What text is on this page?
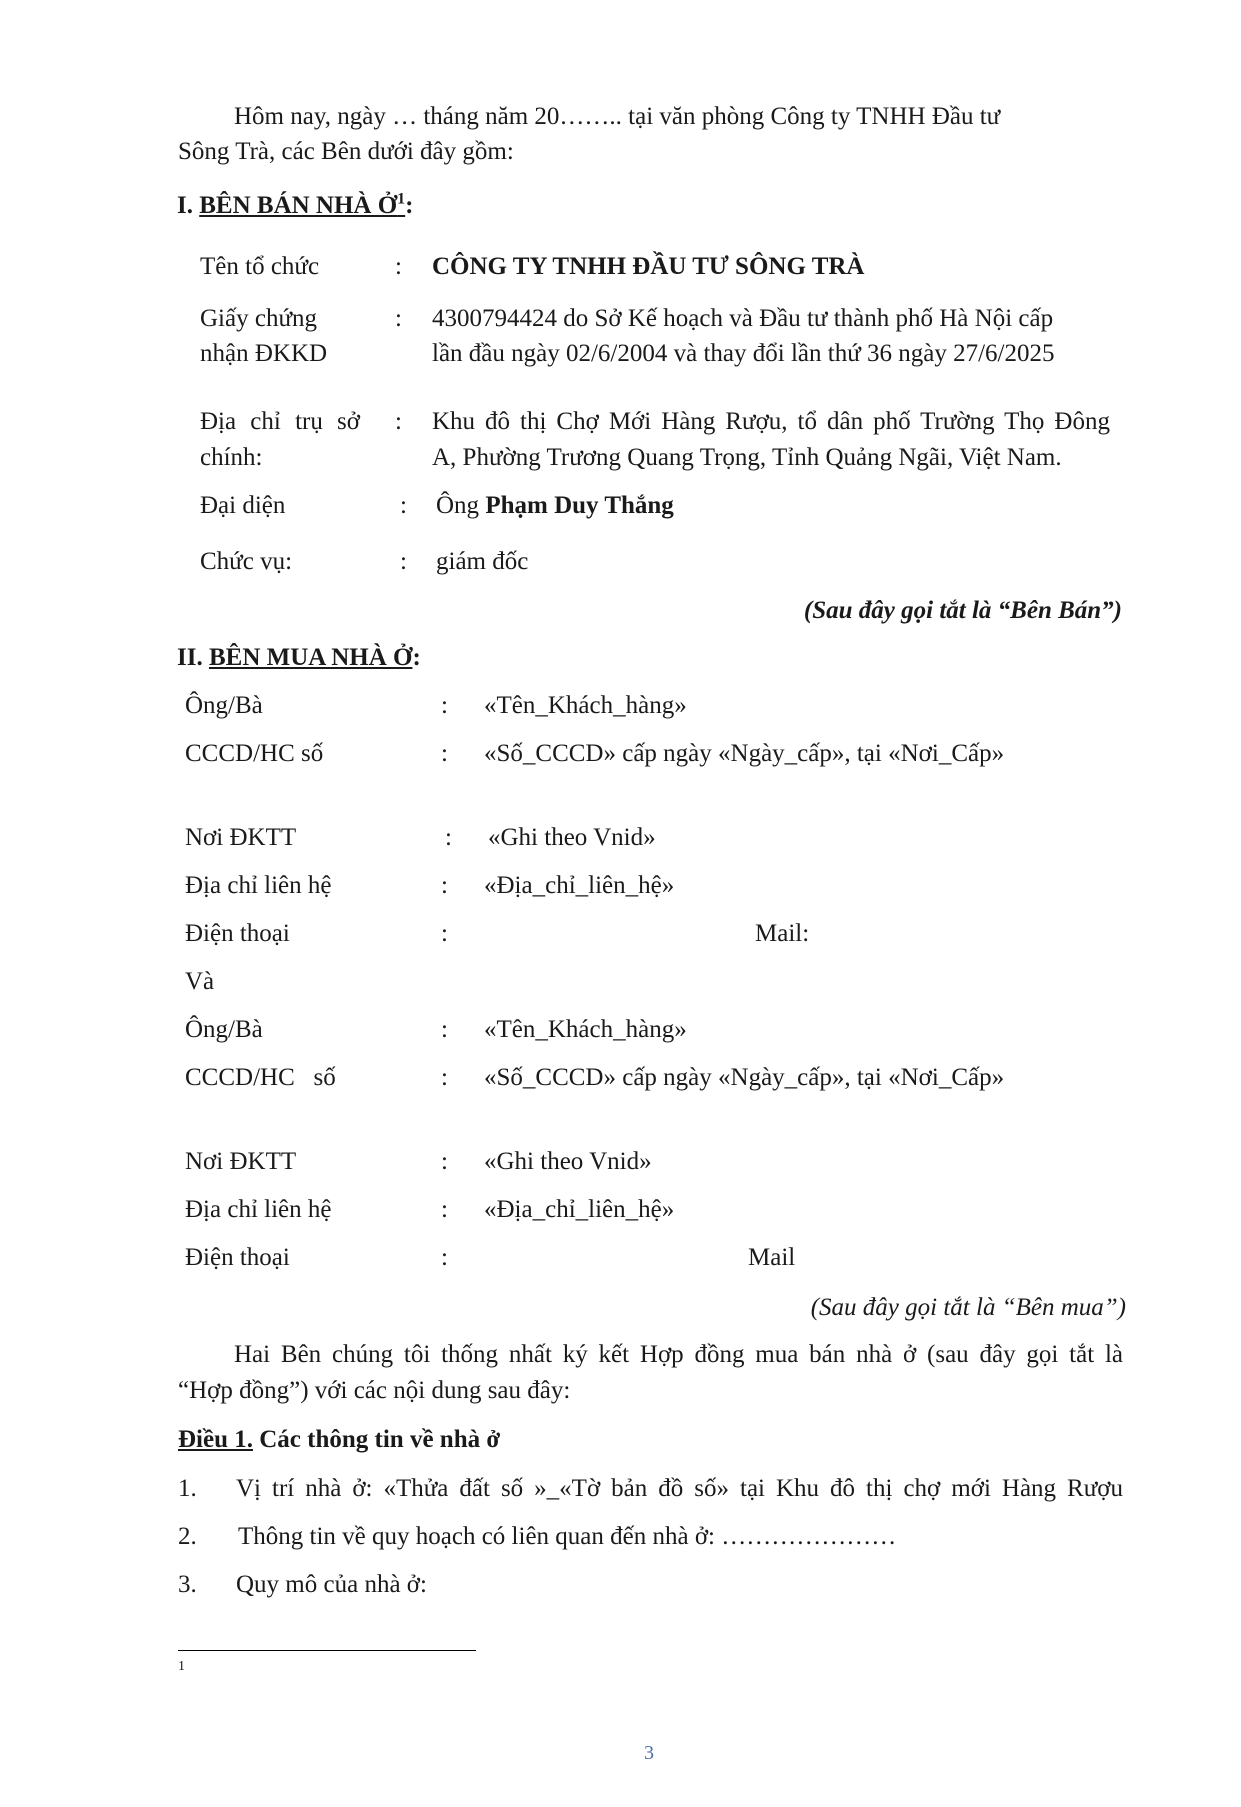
Hôm nay, ngày … tháng năm 20…….. tại văn phòng Công ty TNHH Đầu tư
Sông Trà, các Bên dưới đây gồm:
I. BÊN BÁN NHÀ Ở$^1$:
Tên tổ chức	: CÔNG TY TNHH ĐẦU TƯ SÔNG TRÀ
Giấy chứng
nhận ĐKKD
: 4300794424 do Sở Kế hoạch và Đầu tư thành phố Hà Nội cấp
lần đầu ngày 02/6/2004 và thay đổi lần thứ 36 ngày 27/6/2025
Địa chỉ trụ sở
chính:
: Khu đô thị Chợ Mới Hàng Rượu, tổ dân phố Trường Thọ Đông
A, Phường Trương Quang Trọng, Tỉnh Quảng Ngãi, Việt Nam.
Đại diện	: Ông Phạm Duy Thắng
Chức vụ:	: giám đốc
(Sau đây gọi tắt là “Bên Bán”)
II. BÊN MUA NHÀ Ở:
Ông/Bà	: «Tên_Khách_hàng»
CCCD/HC số	: «Số_CCCD» cấp ngày «Ngày_cấp», tại «Nơi_Cấp»
Nơi ĐKTT	: «Ghi theo Vnid»
Địa chỉ liên hệ	: «Địa_chỉ_liên_hệ»
Điện thoại	:	Mail:
Và
Ông/Bà	: «Tên_Khách_hàng»
CCCD/HC   số	: «Số_CCCD» cấp ngày «Ngày_cấp», tại «Nơi_Cấp»
Nơi ĐKTT	: «Ghi theo Vnid»
Địa chỉ liên hệ	: «Địa_chỉ_liên_hệ»
Điện thoại	:	Mail
(Sau đây gọi tắt là “Bên mua”)
Hai Bên chúng tôi thống nhất ký kết Hợp đồng mua bán nhà ở (sau đây gọi tắt là
“Hợp đồng”) với các nội dung sau đây:
Điều 1. Các thông tin về nhà ở
1. Vị trí nhà ở: «Thửa đất số »_«Tờ bản đồ số» tại Khu đô thị chợ mới Hàng Rượu
2. Thông tin về quy hoạch có liên quan đến nhà ở: …………………
3. Quy mô của nhà ở:
1
3
